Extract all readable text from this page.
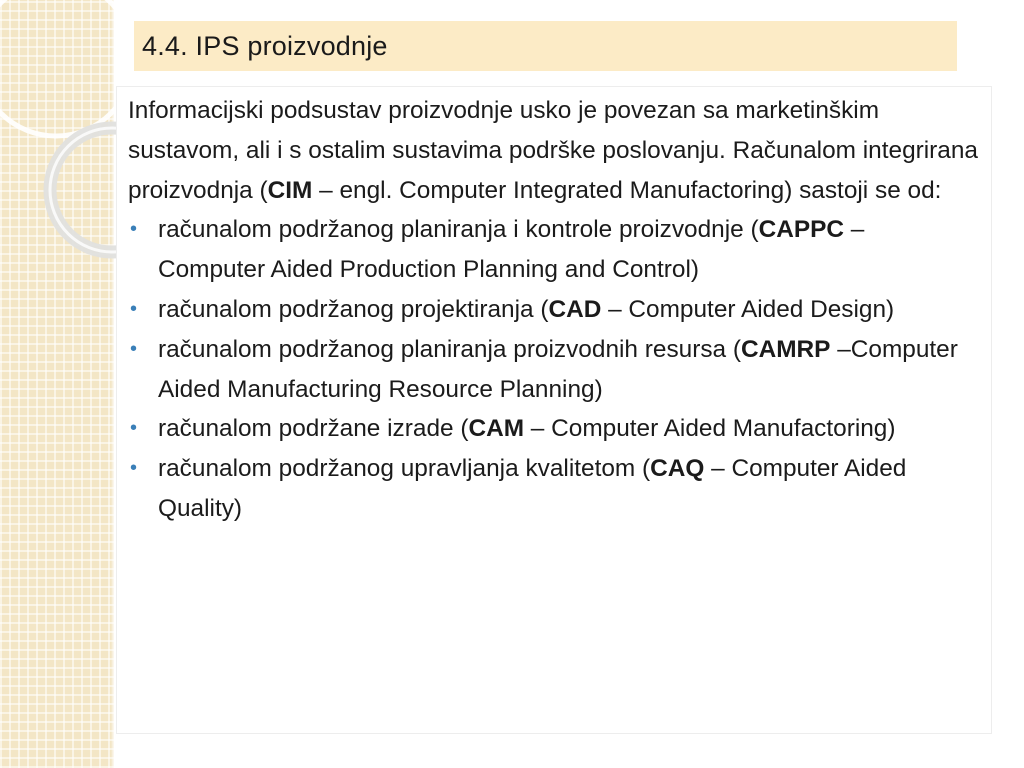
4.4. IPS proizvodnje

Informacijski podsustav proizvodnje usko je povezan sa marketinškim sustavom, ali i s ostalim sustavima podrške poslovanju. Računalom integrirana proizvodnja (CIM – engl. Computer Integrated Manufactoring) sastoji se od:

• računalom podržanog planiranja i kontrole proizvodnje (CAPPC – Computer Aided Production Planning and Control)
• računalom podržanog projektiranja (CAD – Computer Aided Design)
• računalom podržanog planiranja proizvodnih resursa (CAMRP –Computer Aided Manufacturing Resource Planning)
• računalom podržane izrade (CAM – Computer Aided Manufactoring)
• računalom podržanog upravljanja kvalitetom (CAQ – Computer Aided Quality)
